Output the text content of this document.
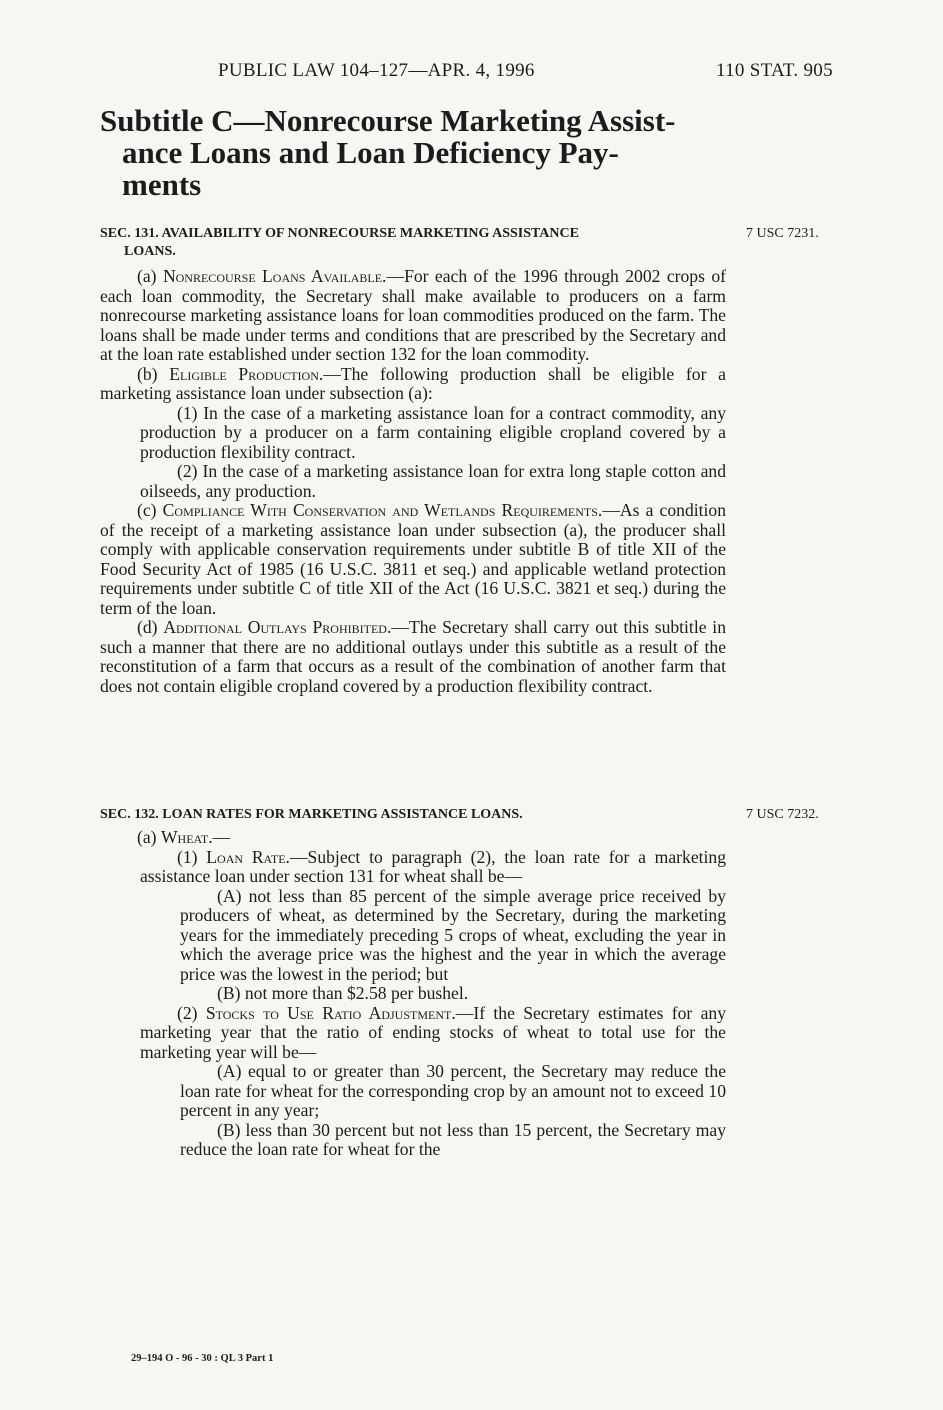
PUBLIC LAW 104–127—APR. 4, 1996	110 STAT. 905
Subtitle C—Nonrecourse Marketing Assist-
ance Loans and Loan Deficiency Pay-
ments
SEC. 131. AVAILABILITY OF NONRECOURSE MARKETING ASSISTANCE
LOANS.
7 USC 7231.

(a) Nonrecourse Loans Available.—For each of the 1996 through 2002 crops of each loan commodity, the Secretary shall make available to producers on a farm nonrecourse marketing assistance loans for loan commodities produced on the farm. The loans shall be made under terms and conditions that are prescribed by the Secretary and at the loan rate established under section 132 for the loan commodity.

(b) Eligible Production.—The following production shall be eligible for a marketing assistance loan under subsection (a):

(1) In the case of a marketing assistance loan for a contract commodity, any production by a producer on a farm containing eligible cropland covered by a production flexibility contract.

(2) In the case of a marketing assistance loan for extra long staple cotton and oilseeds, any production.

(c) Compliance With Conservation and Wetlands Requirements.—As a condition of the receipt of a marketing assistance loan under subsection (a), the producer shall comply with applicable conservation requirements under subtitle B of title XII of the Food Security Act of 1985 (16 U.S.C. 3811 et seq.) and applicable wetland protection requirements under subtitle C of title XII of the Act (16 U.S.C. 3821 et seq.) during the term of the loan.

(d) Additional Outlays Prohibited.—The Secretary shall carry out this subtitle in such a manner that there are no additional outlays under this subtitle as a result of the reconstitution of a farm that occurs as a result of the combination of another farm that does not contain eligible cropland covered by a production flexibility contract.

SEC. 132. LOAN RATES FOR MARKETING ASSISTANCE LOANS.	7 USC 7232.

(a) Wheat.—

(1) Loan Rate.—Subject to paragraph (2), the loan rate for a marketing assistance loan under section 131 for wheat shall be—

(A) not less than 85 percent of the simple average price received by producers of wheat, as determined by the Secretary, during the marketing years for the immediately preceding 5 crops of wheat, excluding the year in which the average price was the highest and the year in which the average price was the lowest in the period; but

(B) not more than $2.58 per bushel.

(2) Stocks to Use Ratio Adjustment.—If the Secretary estimates for any marketing year that the ratio of ending stocks of wheat to total use for the marketing year will be—

(A) equal to or greater than 30 percent, the Secretary may reduce the loan rate for wheat for the corresponding crop by an amount not to exceed 10 percent in any year;

(B) less than 30 percent but not less than 15 percent, the Secretary may reduce the loan rate for wheat for the

29–194 O - 96 - 30 : QL 3 Part 1
